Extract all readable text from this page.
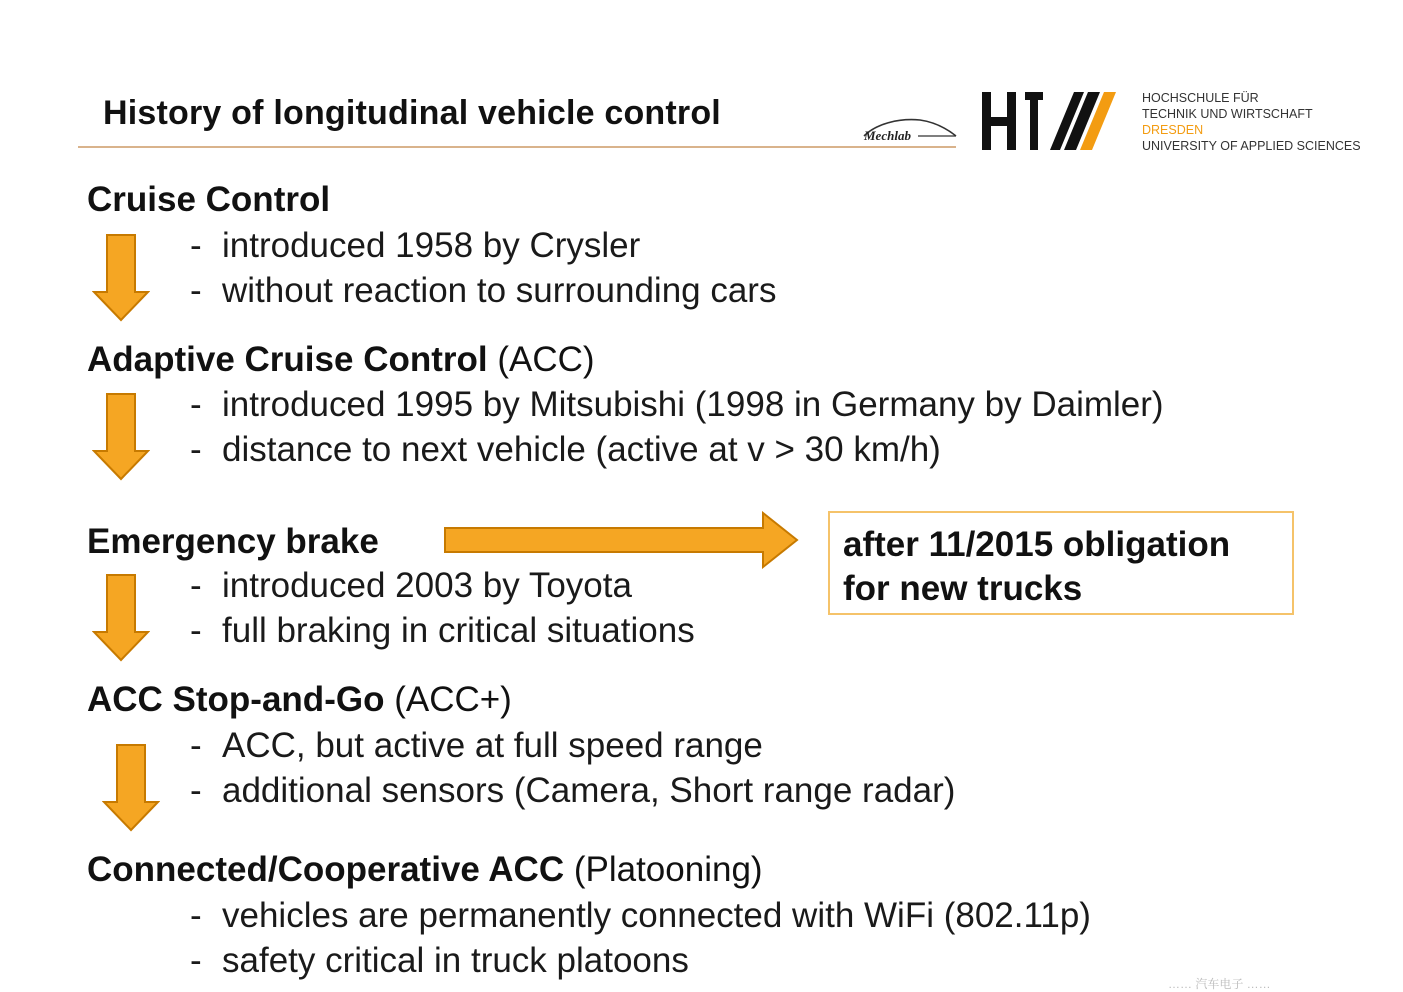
History of longitudinal vehicle control
Mechlab
HOCHSCHULE FÜR
TECHNIK UND WIRTSCHAFT
DRESDEN
UNIVERSITY OF APPLIED SCIENCES
Cruise Control
- introduced 1958 by Crysler
- without reaction to surrounding cars
Adaptive Cruise Control (ACC)
- introduced 1995 by Mitsubishi (1998 in Germany by Daimler)
- distance to next vehicle (active at v > 30 km/h)
Emergency brake	after 11/2015 obligation
for new trucks
- introduced 2003 by Toyota
- full braking in critical situations
ACC Stop-and-Go (ACC+)
- ACC, but active at full speed range
- additional sensors (Camera, Short range radar)
Connected/Cooperative ACC (Platooning)
- vehicles are permanently connected with WiFi (802.11p)
- safety critical in truck platoons
…… 汽车电子 ……
